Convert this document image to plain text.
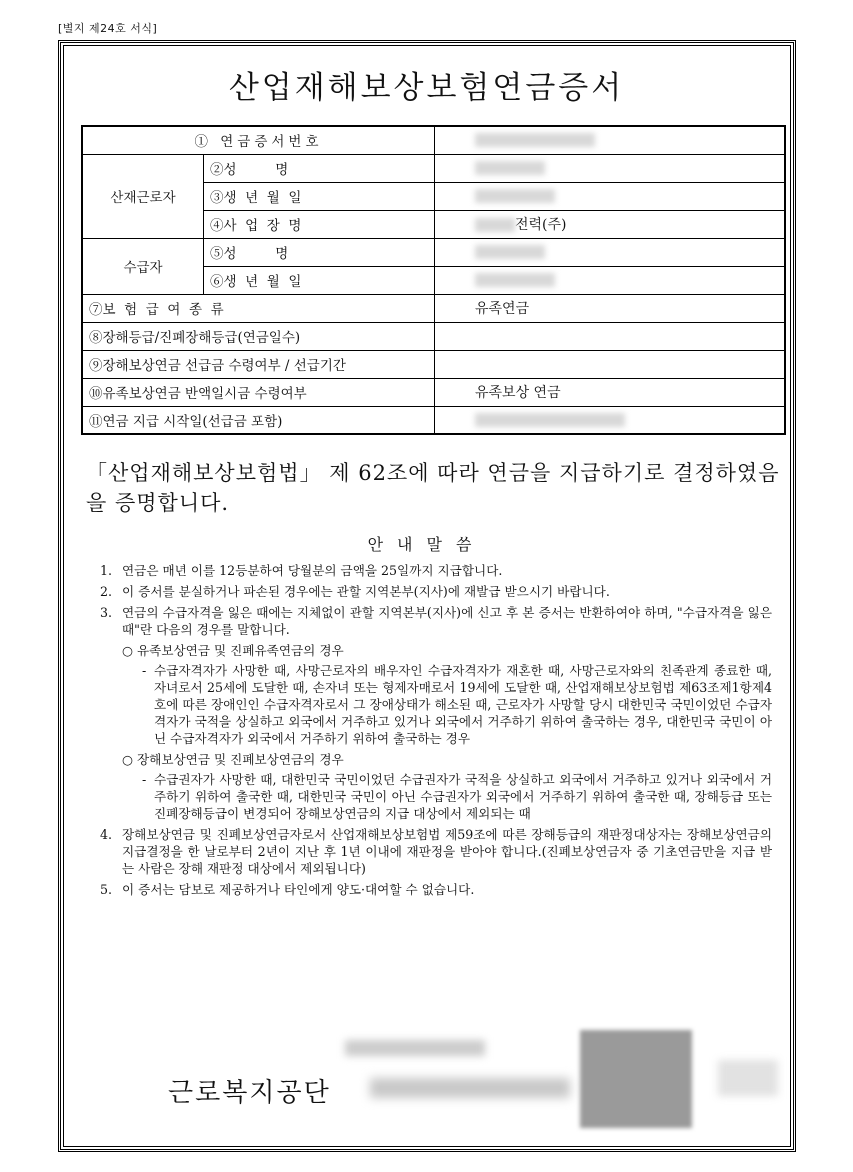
[별지 제24호 서식]
산업재해보상보험연금증서
① 연금증서번호		
산재근로자	②성         명	
	③생  년  월  일	
	④사  업  장  명	전력(주)
수급자	⑤성         명	
	⑥생  년  월  일	
⑦보  험  급  여  종  류		유족연금
⑧장해등급/진폐장해등급(연금일수)		
⑨장해보상연금 선급금 수령여부 / 선급기간		
⑩유족보상연금 반액일시금 수령여부		유족보상 연금
⑪연금 지급 시작일(선급금 포함)		
「산업재해보상보험법」 제 62조에 따라 연금을 지급하기로 결정하였음을 증명합니다.
안내말씀
1. 연금은 매년 이를 12등분하여 당월분의 금액을 25일까지 지급합니다.
2. 이 증서를 분실하거나 파손된 경우에는 관할 지역본부(지사)에 재발급 받으시기 바랍니다.
3. 연금의 수급자격을 잃은 때에는 지체없이 관할 지역본부(지사)에 신고 후 본 증서는 반환하여야 하며, "수급자격을 잃은 때"란 다음의 경우를 말합니다.
○ 유족보상연금 및 진폐유족연금의 경우
- 수급자격자가 사망한 때, 사망근로자의 배우자인 수급자격자가 재혼한 때, 사망근로자와의 친족관계 종료한 때, 자녀로서 25세에 도달한 때, 손자녀 또는 형제자매로서 19세에 도달한 때, 산업재해보상보험법 제63조제1항제4호에 따른 장애인인 수급자격자로서 그 장애상태가 해소된 때, 근로자가 사망할 당시 대한민국 국민이었던 수급자격자가 국적을 상실하고 외국에서 거주하고 있거나 외국에서 거주하기 위하여 출국하는 경우, 대한민국 국민이 아닌 수급자격자가 외국에서 거주하기 위하여 출국하는 경우
○ 장해보상연금 및 진폐보상연금의 경우
- 수급권자가 사망한 때, 대한민국 국민이었던 수급권자가 국적을 상실하고 외국에서 거주하고 있거나 외국에서 거주하기 위하여 출국한 때, 대한민국 국민이 아닌 수급권자가 외국에서 거주하기 위하여 출국한 때, 장해등급 또는 진폐장해등급이 변경되어 장해보상연금의 지급 대상에서 제외되는 때
4. 장해보상연금 및 진폐보상연금자로서 산업재해보상보험법 제59조에 따른 장해등급의 재판정대상자는 장해보상연금의 지급결정을 한 날로부터 2년이 지난 후 1년 이내에 재판정을 받아야 합니다.(진폐보상연금자 중 기초연금만을 지급 받는 사람은 장해 재판정 대상에서 제외됩니다)
5. 이 증서는 담보로 제공하거나 타인에게 양도·대여할 수 없습니다.
근로복지공단
